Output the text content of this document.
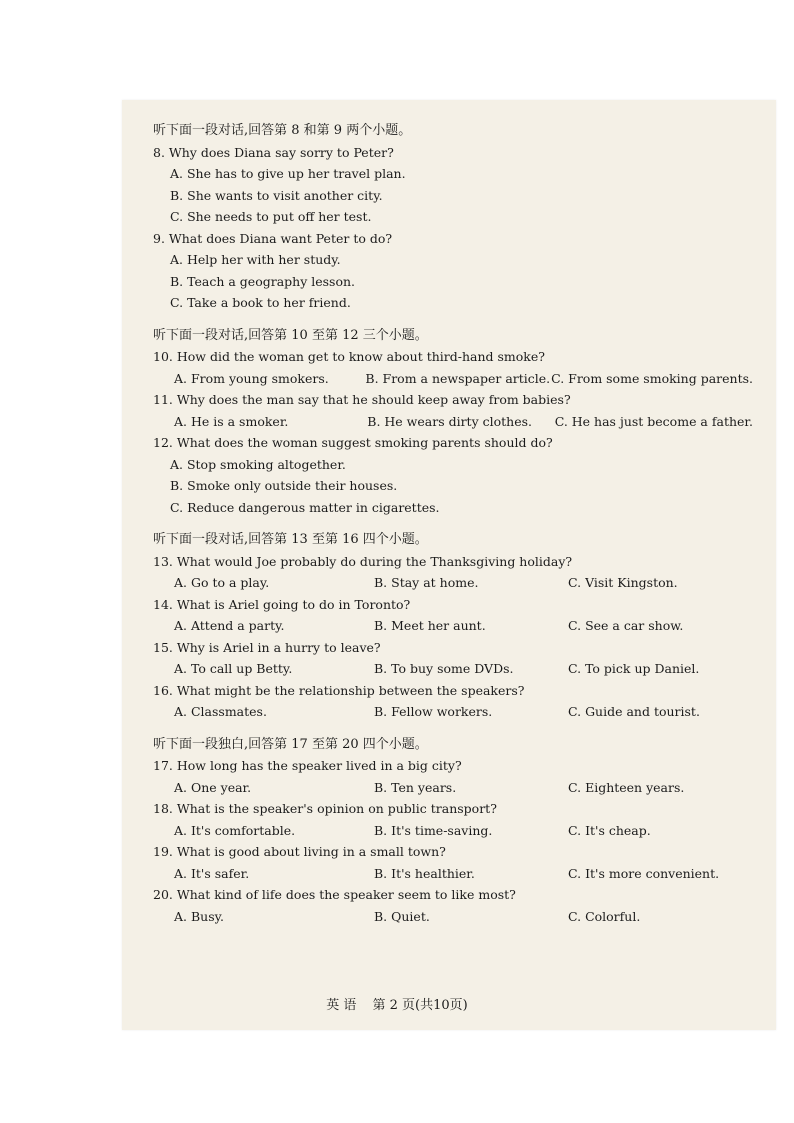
听下面一段对话,回答第 8 和第 9 两个小题。
8. Why does Diana say sorry to Peter?
A. She has to give up her travel plan.
B. She wants to visit another city.
C. She needs to put off her test.
9. What does Diana want Peter to do?
A. Help her with her study.
B. Teach a geography lesson.
C. Take a book to her friend.
听下面一段对话,回答第 10 至第 12 三个小题。
10. How did the woman get to know about third-hand smoke?
A. From young smokers.	B. From a newspaper article. C. From some smoking parents.
11. Why does the man say that he should keep away from babies?
A. He is a smoker.	B. He wears dirty clothes.	C. He has just become a father.
12. What does the woman suggest smoking parents should do?
A. Stop smoking altogether.
B. Smoke only outside their houses.
C. Reduce dangerous matter in cigarettes.
听下面一段对话,回答第 13 至第 16 四个小题。
13. What would Joe probably do during the Thanksgiving holiday?
A. Go to a play.	B. Stay at home.	C. Visit Kingston.
14. What is Ariel going to do in Toronto?
A. Attend a party.	B. Meet her aunt.	C. See a car show.
15. Why is Ariel in a hurry to leave?
A. To call up Betty.	B. To buy some DVDs.	C. To pick up Daniel.
16. What might be the relationship between the speakers?
A. Classmates.	B. Fellow workers.	C. Guide and tourist.
听下面一段独白,回答第 17 至第 20 四个小题。
17. How long has the speaker lived in a big city?
A. One year.	B. Ten years.	C. Eighteen years.
18. What is the speaker's opinion on public transport?
A. It's comfortable.	B. It's time-saving.	C. It's cheap.
19. What is good about living in a small town?
A. It's safer.	B. It's healthier.	C. It's more convenient.
20. What kind of life does the speaker seem to like most?
A. Busy.	B. Quiet.	C. Colorful.
英 语 第 2 页(共10页)
